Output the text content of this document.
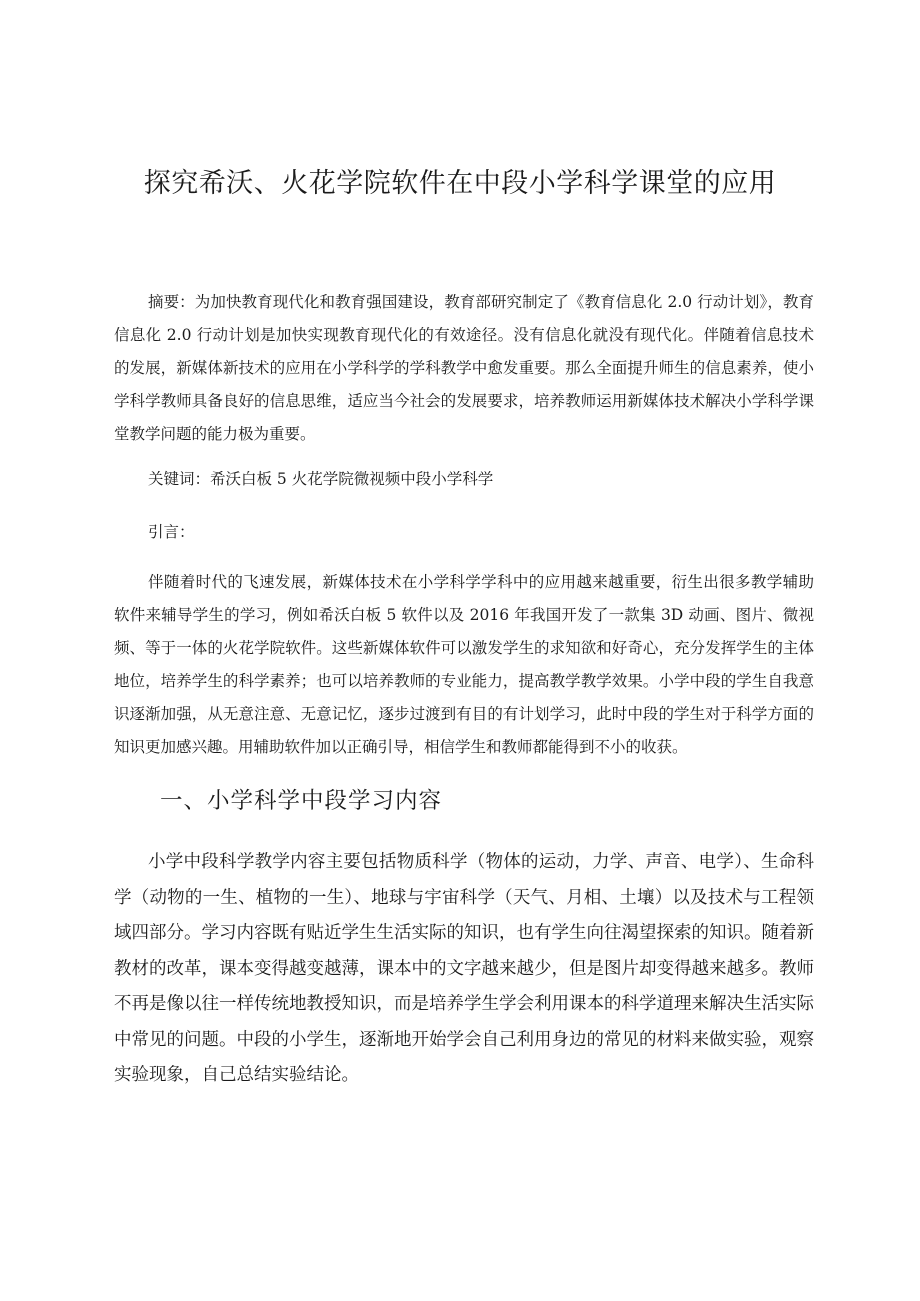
探究希沃、火花学院软件在中段小学科学课堂的应用

摘要：为加快教育现代化和教育强国建设，教育部研究制定了《教育信息化 2.0 行动计划》，教育信息化 2.0 行动计划是加快实现教育现代化的有效途径。没有信息化就没有现代化。伴随着信息技术的发展，新媒体新技术的应用在小学科学的学科教学中愈发重要。那么全面提升师生的信息素养，使小学科学教师具备良好的信息思维，适应当今社会的发展要求，培养教师运用新媒体技术解决小学科学课堂教学问题的能力极为重要。

关键词：希沃白板 5 火花学院微视频中段小学科学

引言：

伴随着时代的飞速发展，新媒体技术在小学科学学科中的应用越来越重要，衍生出很多教学辅助软件来辅导学生的学习，例如希沃白板 5 软件以及 2016 年我国开发了一款集 3D 动画、图片、微视频、等于一体的火花学院软件。这些新媒体软件可以激发学生的求知欲和好奇心，充分发挥学生的主体地位，培养学生的科学素养；也可以培养教师的专业能力，提高教学教学效果。小学中段的学生自我意识逐渐加强，从无意注意、无意记忆，逐步过渡到有目的有计划学习，此时中段的学生对于科学方面的知识更加感兴趣。用辅助软件加以正确引导，相信学生和教师都能得到不小的收获。

一、小学科学中段学习内容

小学中段科学教学内容主要包括物质科学（物体的运动，力学、声音、电学）、生命科学（动物的一生、植物的一生）、地球与宇宙科学（天气、月相、土壤）以及技术与工程领域四部分。学习内容既有贴近学生生活实际的知识，也有学生向往渴望探索的知识。随着新教材的改革，课本变得越变越薄，课本中的文字越来越少，但是图片却变得越来越多。教师不再是像以往一样传统地教授知识，而是培养学生学会利用课本的科学道理来解决生活实际中常见的问题。中段的小学生，逐渐地开始学会自己利用身边的常见的材料来做实验，观察实验现象，自己总结实验结论。
